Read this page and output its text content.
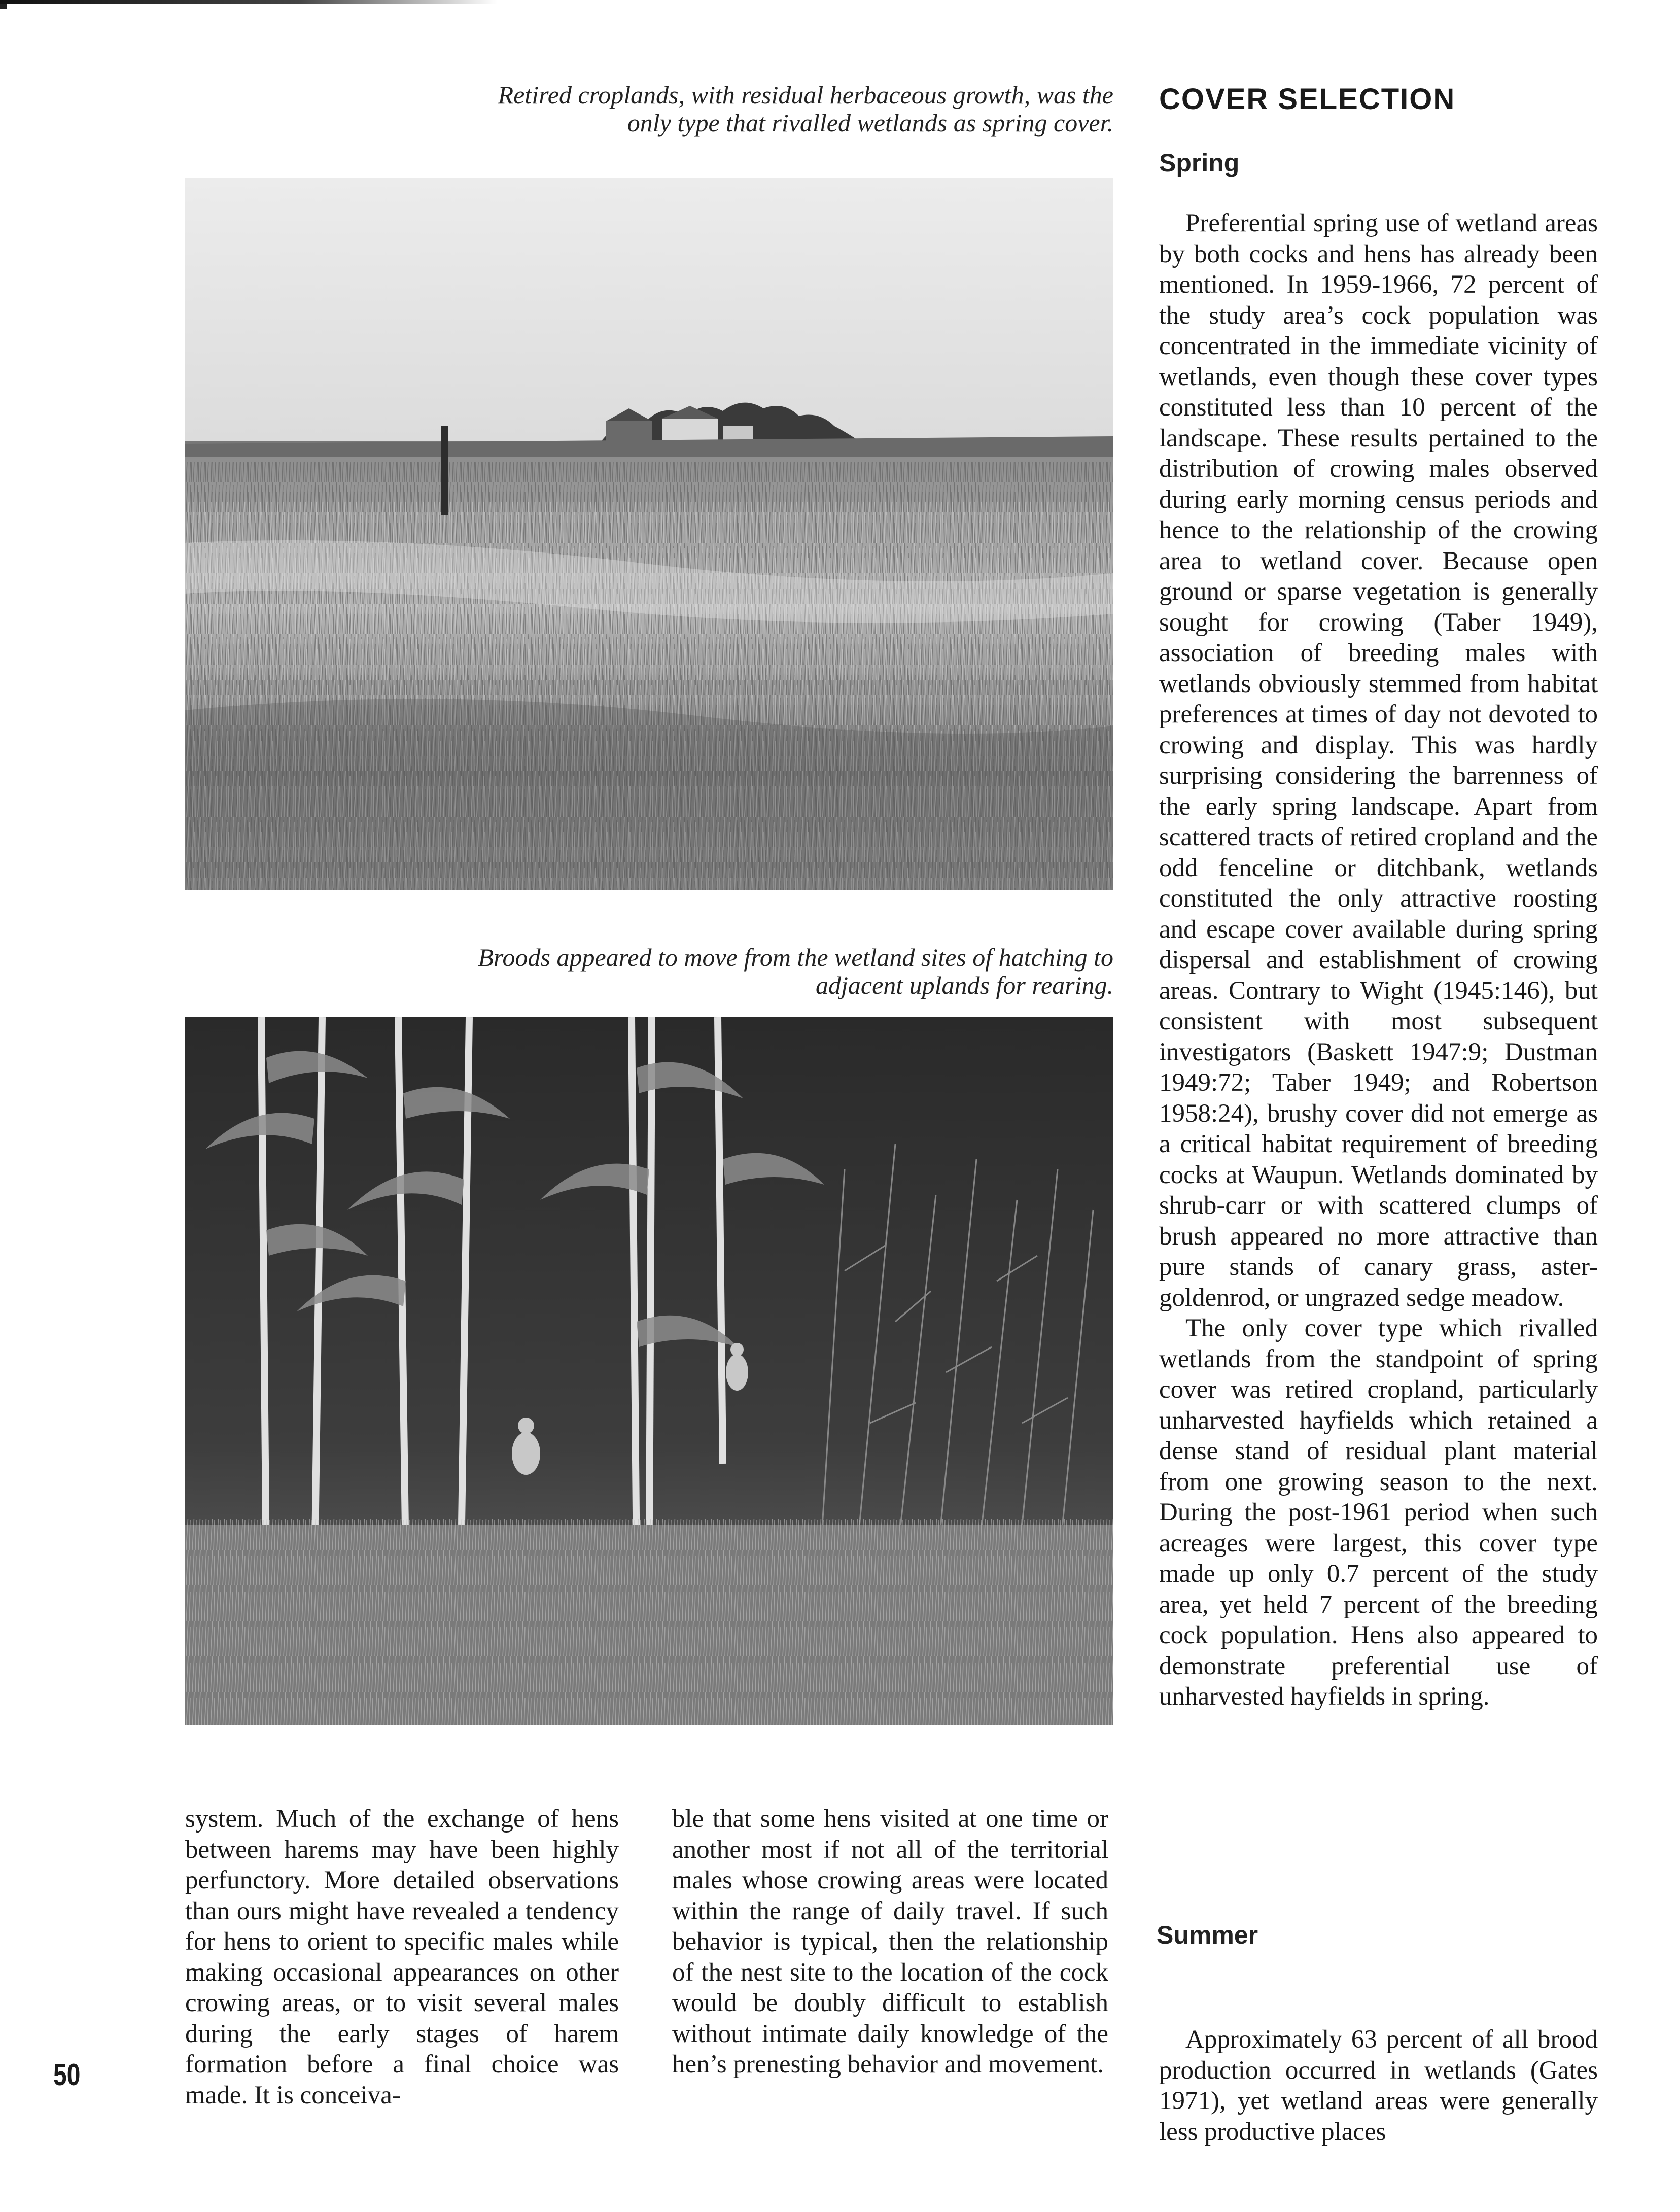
Retired croplands, with residual herbaceous growth, was the only type that rivalled wetlands as spring cover.
Broods appeared to move from the wetland sites of hatching to adjacent uplands for rearing.

system. Much of the exchange of hens between harems may have been highly perfunctory. More detailed observations than ours might have revealed a tendency for hens to orient to specific males while making occasional appearances on other crowing areas, or to visit several males during the early stages of harem formation before a final choice was made. It is conceiva-

ble that some hens visited at one time or another most if not all of the territorial males whose crowing areas were located within the range of daily travel. If such behavior is typical, then the relationship of the nest site to the location of the cock would be doubly difficult to establish without intimate daily knowledge of the hen’s prenesting behavior and movement.

COVER SELECTION
Spring

Preferential spring use of wetland areas by both cocks and hens has already been mentioned. In 1959-1966, 72 percent of the study area’s cock population was concentrated in the immediate vicinity of wetlands, even though these cover types constituted less than 10 percent of the landscape. These results pertained to the distribution of crowing males observed during early morning census periods and hence to the relationship of the crowing area to wetland cover. Because open ground or sparse vegetation is generally sought for crowing (Taber 1949), association of breeding males with wetlands obviously stemmed from habitat preferences at times of day not devoted to crowing and display. This was hardly surprising considering the barrenness of the early spring landscape. Apart from scattered tracts of retired cropland and the odd fenceline or ditchbank, wetlands constituted the only attractive roosting and escape cover available during spring dispersal and establishment of crowing areas. Contrary to Wight (1945:146), but consistent with most subsequent investigators (Baskett 1947:9; Dustman 1949:72; Taber 1949; and Robertson 1958:24), brushy cover did not emerge as a critical habitat requirement of breeding cocks at Waupun. Wetlands dominated by shrub-carr or with scattered clumps of brush appeared no more attractive than pure stands of canary grass, aster-goldenrod, or ungrazed sedge meadow.

The only cover type which rivalled wetlands from the standpoint of spring cover was retired cropland, particularly unharvested hayfields which retained a dense stand of residual plant material from one growing season to the next. During the post-1961 period when such acreages were largest, this cover type made up only 0.7 percent of the study area, yet held 7 percent of the breeding cock population. Hens also appeared to demonstrate preferential use of unharvested hayfields in spring.

Summer

Approximately 63 percent of all brood production occurred in wetlands (Gates 1971), yet wetland areas were generally less productive places

50
